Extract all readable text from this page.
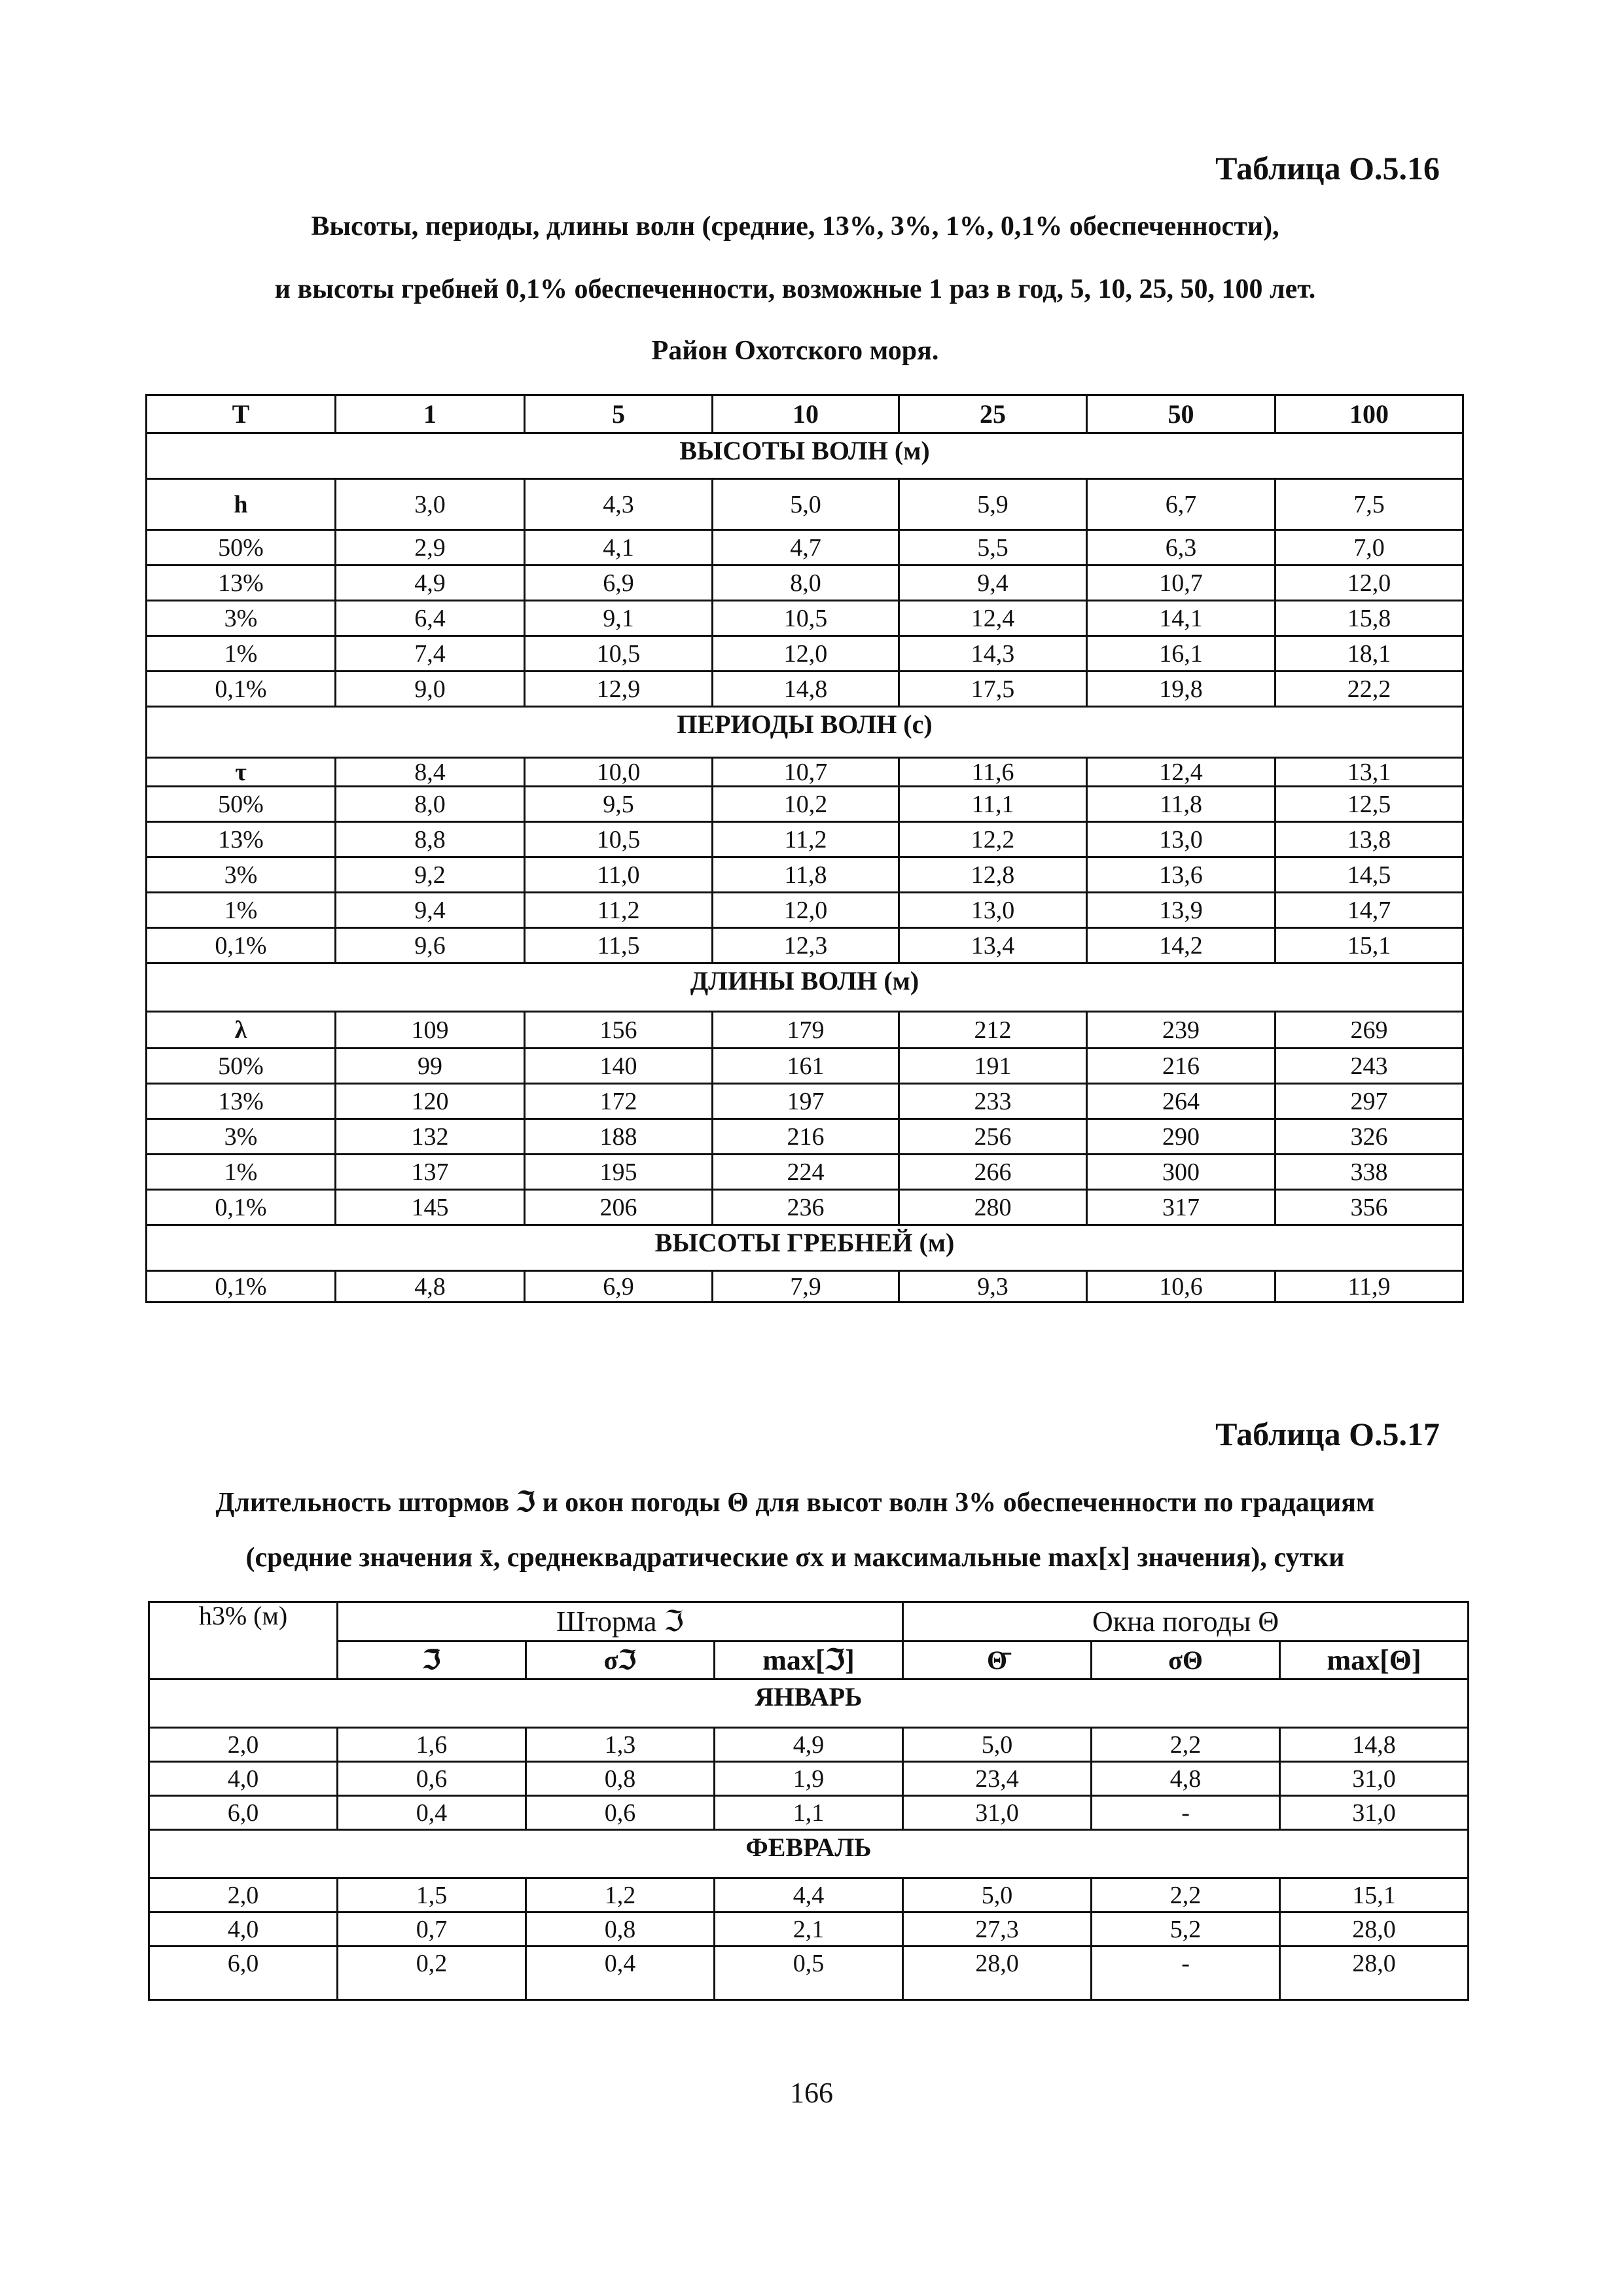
Таблица О.5.16
Высоты, периоды, длины волн (средние, 13%, 3%, 1%, 0,1% обеспеченности),
и высоты гребней 0,1% обеспеченности, возможные 1 раз в год, 5, 10, 25, 50, 100 лет.
Район Охотского моря.
T	1	5	10	25	50	100
ВЫСОТЫ ВОЛН (м)						
h	3,0	4,3	5,0	5,9	6,7	7,5
50%	2,9	4,1	4,7	5,5	6,3	7,0
13%	4,9	6,9	8,0	9,4	10,7	12,0
3%	6,4	9,1	10,5	12,4	14,1	15,8
1%	7,4	10,5	12,0	14,3	16,1	18,1
0,1%	9,0	12,9	14,8	17,5	19,8	22,2
ПЕРИОДЫ ВОЛН (с)						
τ	8,4	10,0	10,7	11,6	12,4	13,1
50%	8,0	9,5	10,2	11,1	11,8	12,5
13%	8,8	10,5	11,2	12,2	13,0	13,8
3%	9,2	11,0	11,8	12,8	13,6	14,5
1%	9,4	11,2	12,0	13,0	13,9	14,7
0,1%	9,6	11,5	12,3	13,4	14,2	15,1
ДЛИНЫ ВОЛН (м)						
λ	109	156	179	212	239	269
50%	99	140	161	191	216	243
13%	120	172	197	233	264	297
3%	132	188	216	256	290	326
1%	137	195	224	266	300	338
0,1%	145	206	236	280	317	356
ВЫСОТЫ ГРЕБНЕЙ (м)						
0,1%	4,8	6,9	7,9	9,3	10,6	11,9
Таблица О.5.17
Длительность штормов ℑ и окон погоды Θ для высот волн 3% обеспеченности по градациям
(средние значения x̄, среднеквадратические σx и максимальные max[x] значения), сутки
h3% (м)	Шторма ℑ			Окна погоды Θ		
	ℑ̄	σℑ	max[ℑ]	Θ̄	σΘ	max[Θ]
ЯНВАРЬ						
2,0	1,6	1,3	4,9	5,0	2,2	14,8
4,0	0,6	0,8	1,9	23,4	4,8	31,0
6,0	0,4	0,6	1,1	31,0	-	31,0
ФЕВРАЛЬ						
2,0	1,5	1,2	4,4	5,0	2,2	15,1
4,0	0,7	0,8	2,1	27,3	5,2	28,0
6,0	0,2	0,4	0,5	28,0	-	28,0
166
